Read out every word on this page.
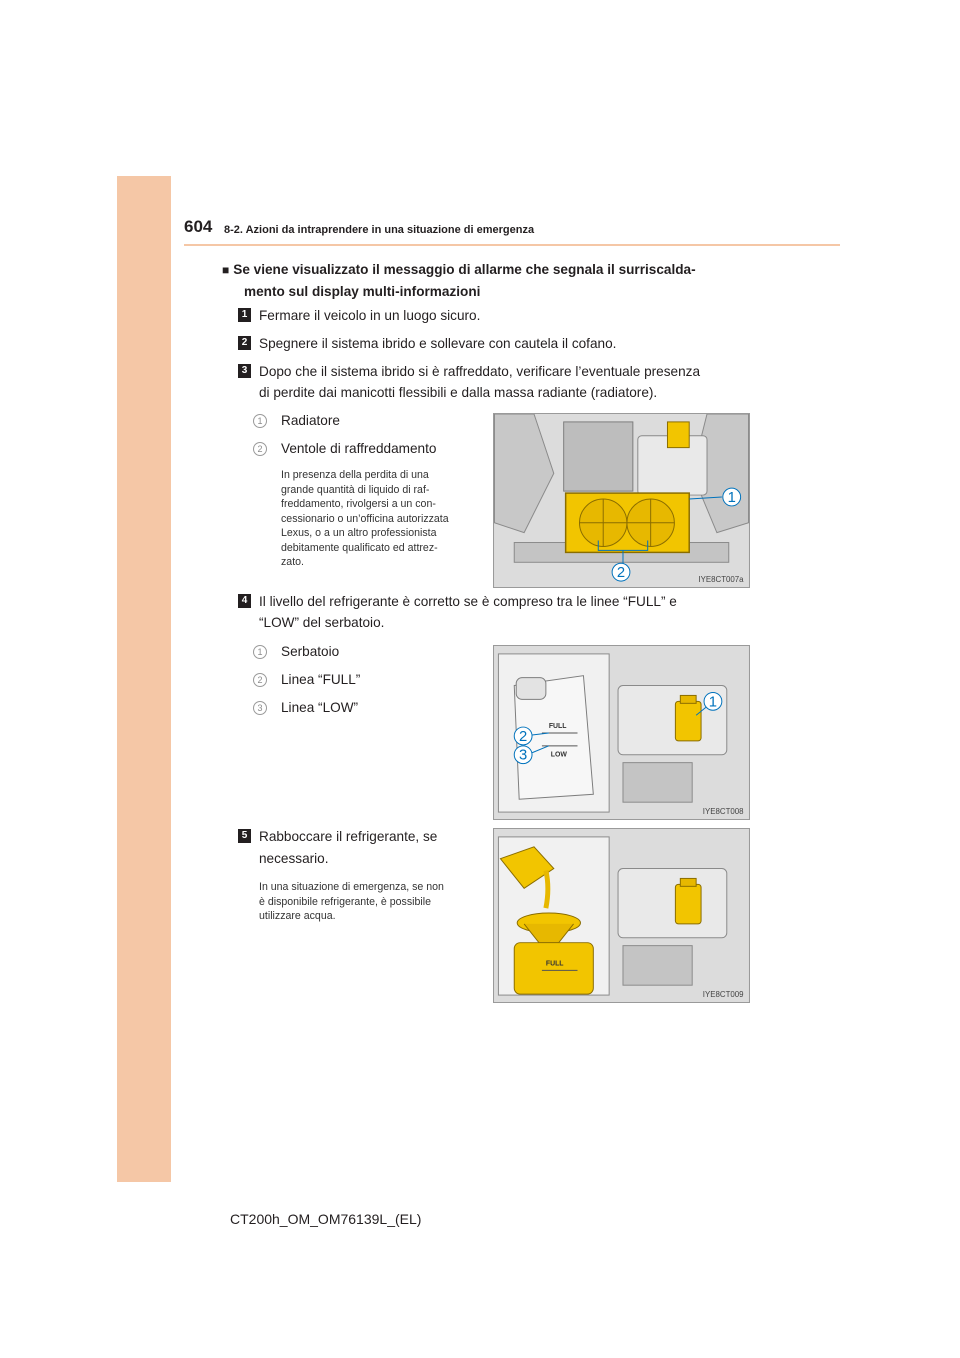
604 8-2. Azioni da intraprendere in una situazione di emergenza
■ Se viene visualizzato il messaggio di allarme che segnala il surriscalda-
mento sul display multi-informazioni
1 Fermare il veicolo in un luogo sicuro.
2 Spegnere il sistema ibrido e sollevare con cautela il cofano.
3 Dopo che il sistema ibrido si è raffreddato, verificare l’eventuale presenza
di perdite dai manicotti flessibili e dalla massa radiante (radiatore).
1	Radiatore
2	Ventole di raffreddamento
In presenza della perdita di una
grande quantità di liquido di raf-
freddamento, rivolgersi a un con-
cessionario o un’officina autorizzata
Lexus, o a un altro professionista
debitamente qualificato ed attrez-
zato.
1
2	IYE8CT007a
4 Il livello del refrigerante è corretto se è compreso tra le linee “FULL” e
“LOW” del serbatoio.
1	Serbatoio
2	Linea “FULL”
3	Linea “LOW”
FULL
LOW
1
2
3
IYE8CT008
5 Rabboccare il refrigerante, se
necessario.
In una situazione di emergenza, se non
è disponibile refrigerante, è possibile
utilizzare acqua.
FULL
IYE8CT009
CT200h_OM_OM76139L_(EL)
